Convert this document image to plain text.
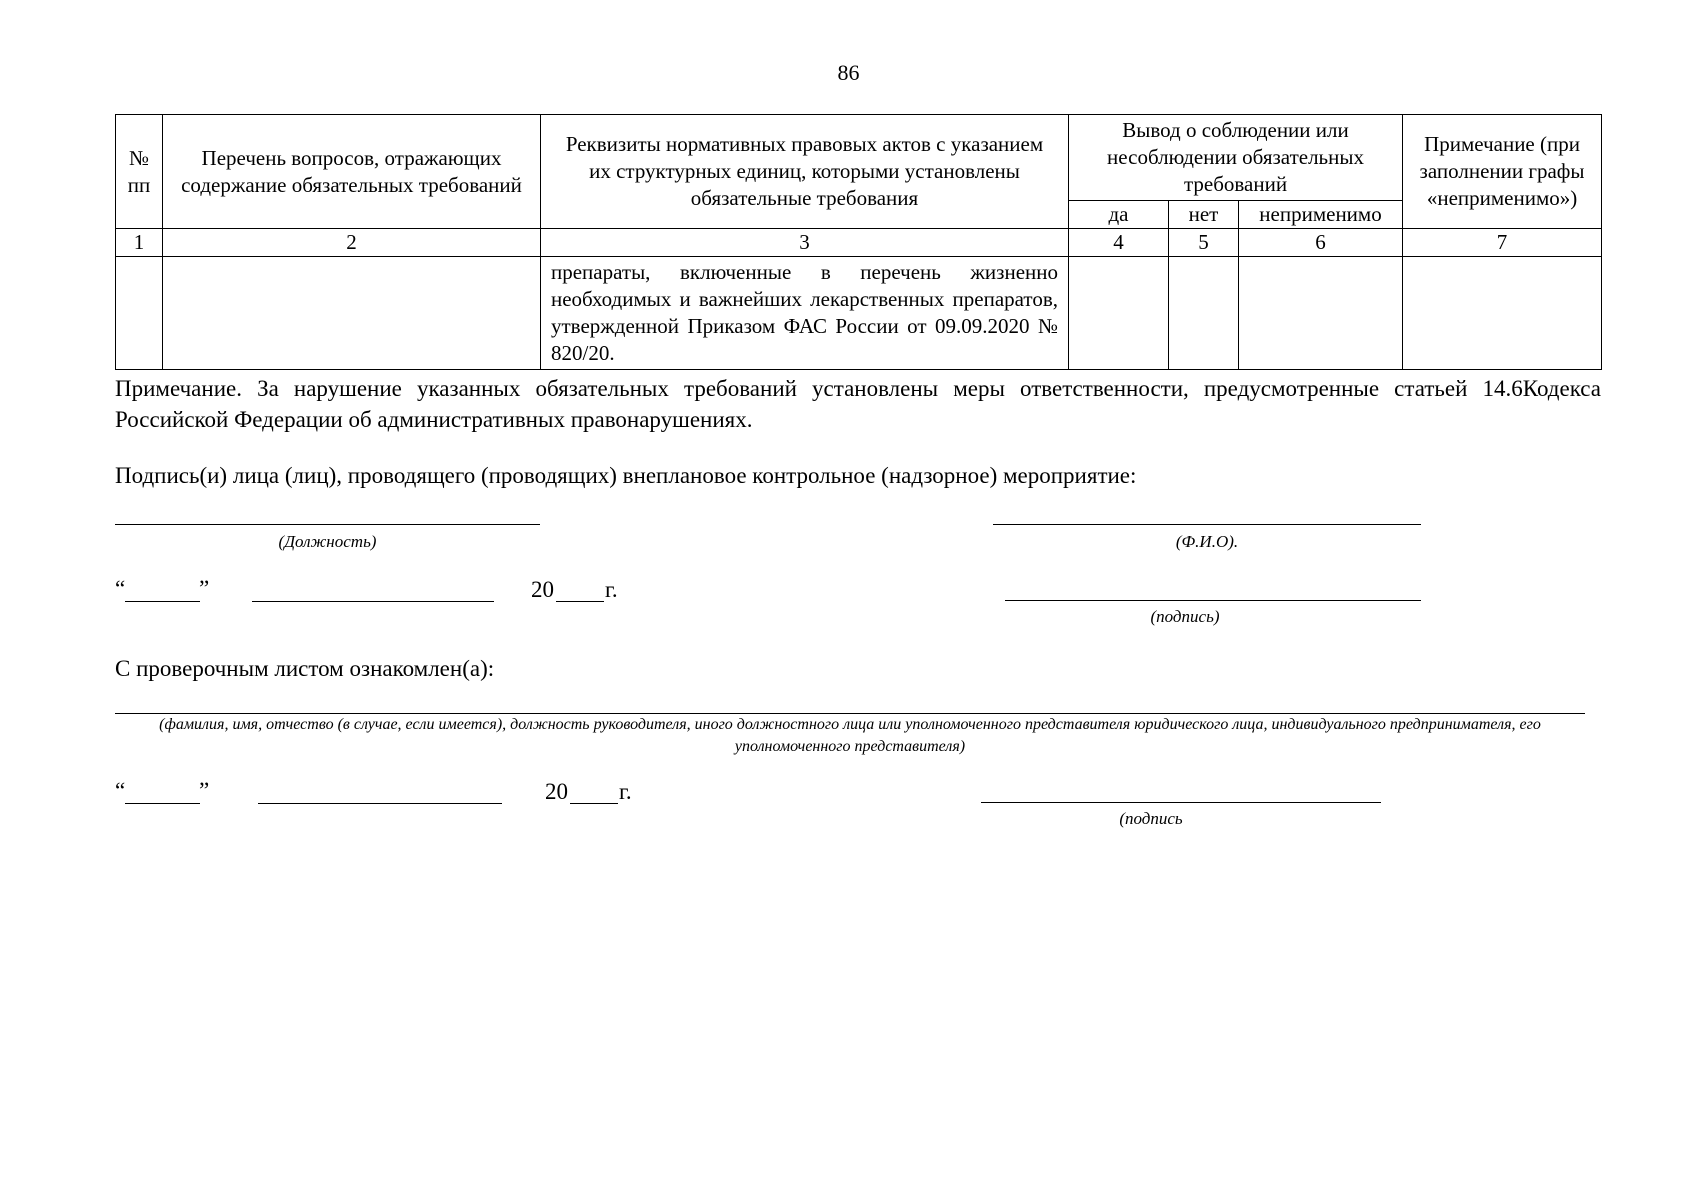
86
№ пп	Перечень вопросов, отражающих содержание обязательных требований	Реквизиты нормативных правовых актов с указанием их структурных единиц, которыми установлены обязательные требования	Вывод о соблюдении или несоблюдении обязательных требований			Примечание (при заполнении графы «неприменимо»)
			да	нет	неприменимо	
1	2	3	4	5	6	7
		препараты, включенные в перечень жизненно необходимых и важнейших лекарственных препаратов, утвержденной Приказом ФАС России от 09.09.2020 № 820/20.				
Примечание. За нарушение указанных обязательных требований установлены меры ответственности, предусмотренные статьей 14.6Кодекса Российской Федерации об административных правонарушениях.
Подпись(и) лица (лиц), проводящего (проводящих) внеплановое контрольное (надзорное) мероприятие:
(Должность)	(Ф.И.О).
“	”	20 г.
(подпись)
С проверочным листом ознакомлен(а):
(фамилия, имя, отчество (в случае, если имеется), должность руководителя, иного должностного лица или уполномоченного представителя юридического лица, индивидуального предпринимателя, его уполномоченного представителя)
“	”	20 г.
(подпись
